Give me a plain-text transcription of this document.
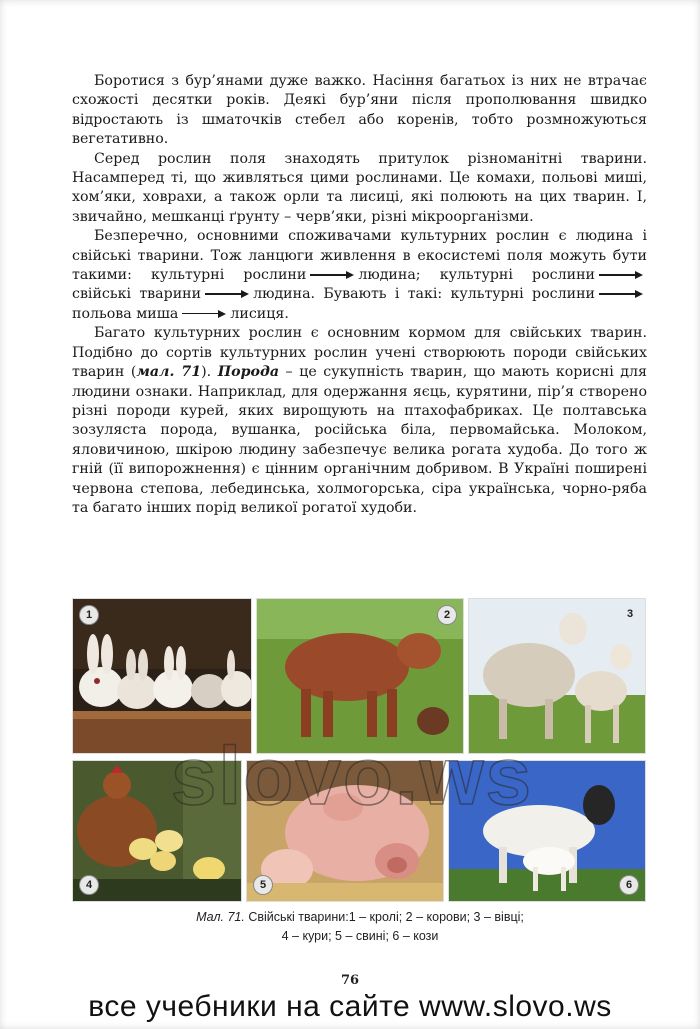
Боротися з бур’янами дуже важко. Насіння багатьох із них не втрачає схожості десятки років. Деякі бур’яни після прополювання швидко відростають із шматочків стебел або коренів, тобто розмножуються вегетативно.

Серед рослин поля знаходять притулок різноманітні тварини. Насамперед ті, що живляться цими рослинами. Це комахи, польові миші, хом’яки, ховрахи, а також орли та лисиці, які полюють на цих тварин. І, звичайно, мешканці ґрунту – черв’яки, різні мікроорганізми.

Безперечно, основними споживачами культурних рослин є людина і свійські тварини. Тож ланцюги живлення в екосистемі поля можуть бути такими: культурні рослини	людина; культурні рослинисвійські тварини	людина. Бувають і такі: культурні рослинипольова миша	лисиця.

Багато культурних рослин є основним кормом для свійських тварин. Подібно до сортів культурних рослин учені створюють породи свійських тварин (мал. 71). Порода – це сукупність тварин, що мають корисні для людини ознаки. Наприклад, для одержання яєць, курятини, пір’я створено різні породи курей, яких вирощують на птахофабриках. Це полтавська зозуляста порода, вушанка, російська біла, первомайська. Молоком, яловичиною, шкірою людину забезпечує велика рогата худоба. До того ж гній (її випорожнення) є цінним органічним добривом. В Україні поширені червона степова, лебединська, холмогорська, сіра українська, чорно-ряба та багато інших порід великої рогатої худоби.

1	2	3
4	5	6
Мал. 71. Свійські тварини:1 – кролі; 2 – корови; 3 – вівці;
4 – кури; 5 – свині; 6 – кози
76
все учебники на сайте www.slovo.ws
